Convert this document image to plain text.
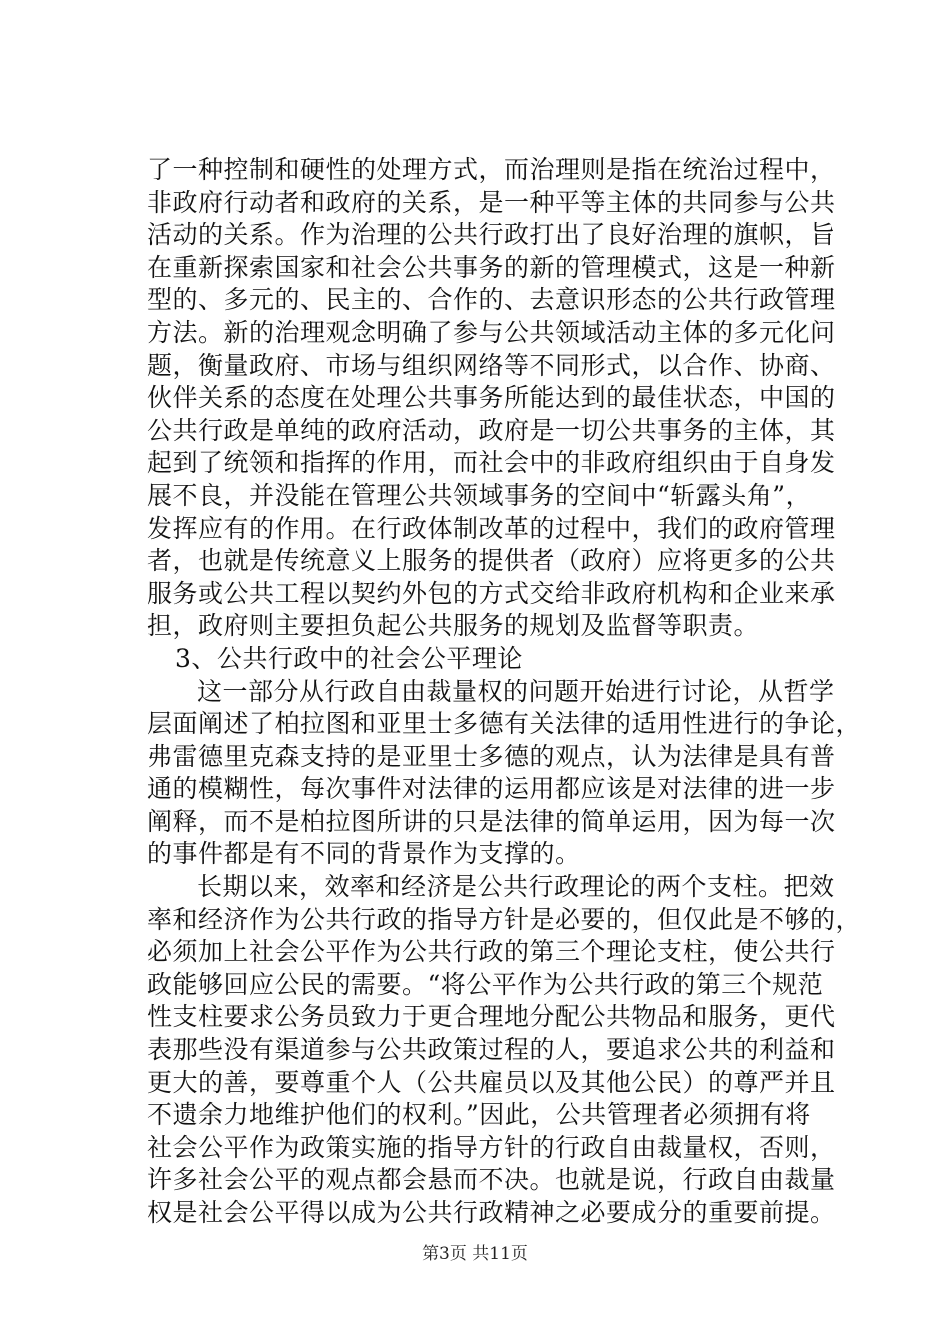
了一种控制和硬性的处理方式，而治理则是指在统治过程中，
非政府行动者和政府的关系，是一种平等主体的共同参与公共
活动的关系。作为治理的公共行政打出了良好治理的旗帜，旨
在重新探索国家和社会公共事务的新的管理模式，这是一种新
型的、多元的、民主的、合作的、去意识形态的公共行政管理
方法。新的治理观念明确了参与公共领域活动主体的多元化问
题，衡量政府、市场与组织网络等不同形式，以合作、协商、
伙伴关系的态度在处理公共事务所能达到的最佳状态，中国的
公共行政是单纯的政府活动，政府是一切公共事务的主体，其
起到了统领和指挥的作用，而社会中的非政府组织由于自身发
展不良，并没能在管理公共领域事务的空间中“斩露头角”，
发挥应有的作用。在行政体制改革的过程中，我们的政府管理
者，也就是传统意义上服务的提供者（政府）应将更多的公共
服务或公共工程以契约外包的方式交给非政府机构和企业来承
担，政府则主要担负起公共服务的规划及监督等职责。
3、公共行政中的社会公平理论
这一部分从行政自由裁量权的问题开始进行讨论，从哲学
层面阐述了柏拉图和亚里士多德有关法律的适用性进行的争论，
弗雷德里克森支持的是亚里士多德的观点，认为法律是具有普
通的模糊性，每次事件对法律的运用都应该是对法律的进一步
阐释，而不是柏拉图所讲的只是法律的简单运用，因为每一次
的事件都是有不同的背景作为支撑的。
长期以来，效率和经济是公共行政理论的两个支柱。把效
率和经济作为公共行政的指导方针是必要的，但仅此是不够的，
必须加上社会公平作为公共行政的第三个理论支柱，使公共行
政能够回应公民的需要。“将公平作为公共行政的第三个规范
性支柱要求公务员致力于更合理地分配公共物品和服务，更代
表那些没有渠道参与公共政策过程的人，要追求公共的利益和
更大的善，要尊重个人（公共雇员以及其他公民）的尊严并且
不遗余力地维护他们的权利。”因此，公共管理者必须拥有将
社会公平作为政策实施的指导方针的行政自由裁量权，否则，
许多社会公平的观点都会悬而不决。也就是说，行政自由裁量
权是社会公平得以成为公共行政精神之必要成分的重要前提。
第3页 共11页
